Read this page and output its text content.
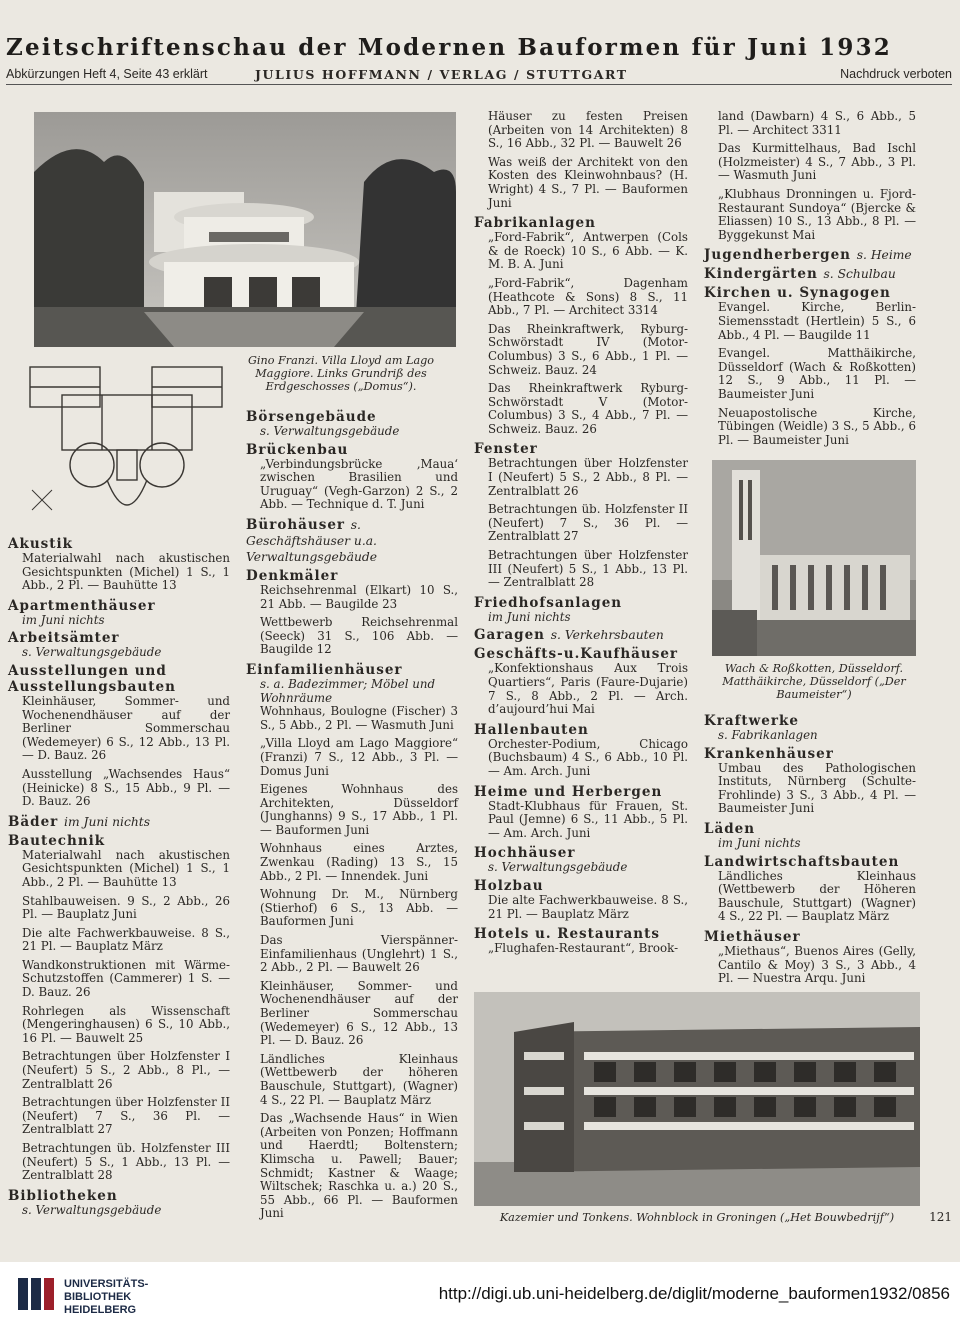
Zeitschriftenschau der Modernen Bauformen für Juni 1932
Abkürzungen Heft 4, Seite 43 erklärt	JULIUS HOFFMANN / VERLAG / STUTTGART	Nachdruck verboten
Gino Franzi. Villa Lloyd am Lago Maggiore. Links Grundriß des Erdgeschosses („Domus“).
Akustik
Materialwahl nach akustischen Gesichtspunkten (Michel) 1 S., 1 Abb., 2 Pl. — Bauhütte 13
Apartmenthäuser
im Juni nichts
Arbeitsämter
s. Verwaltungsgebäude
Ausstellungen und Ausstellungsbauten
Kleinhäuser, Sommer- und Wochenendhäuser auf der Berliner Sommerschau (Wedemeyer) 6 S., 12 Abb., 13 Pl. — D. Bauz. 26
Ausstellung „Wachsendes Haus“ (Heinicke) 8 S., 15 Abb., 9 Pl. — D. Bauz. 26
Bäder im Juni nichts
Bautechnik
Materialwahl nach akustischen Gesichtspunkten (Michel) 1 S., 1 Abb., 2 Pl. — Bauhütte 13
Stahlbauweisen. 9 S., 2 Abb., 26 Pl. — Bauplatz Juni
Die alte Fachwerkbauweise. 8 S., 21 Pl. — Bauplatz März
Wandkonstruktionen mit Wärme-Schutzstoffen (Cammerer) 1 S. — D. Bauz. 26
Rohrlegen als Wissenschaft (Mengeringhausen) 6 S., 10 Abb., 16 Pl. — Bauwelt 25
Betrachtungen über Holzfenster I (Neufert) 5 S., 2 Abb., 8 Pl., — Zentralblatt 26
Betrachtungen über Holzfenster II (Neufert) 7 S., 36 Pl. — Zentralblatt 27
Betrachtungen üb. Holzfenster III (Neufert) 5 S., 1 Abb., 13 Pl. — Zentralblatt 28
Bibliotheken
s. Verwaltungsgebäude
Börsengebäude
s. Verwaltungsgebäude
Brückenbau
„Verbindungsbrücke ‚Maua‘ zwischen Brasilien und Uruguay“ (Vegh-Garzon) 2 S., 2 Abb. — Technique d. T. Juni
Bürohäuser s. Geschäftshäuser u.a. Verwaltungsgebäude
Denkmäler
Reichsehrenmal (Elkart) 10 S., 21 Abb. — Baugilde 23
Wettbewerb Reichsehrenmal (Seeck) 31 S., 106 Abb. — Baugilde 12
Einfamilienhäuser
s. a. Badezimmer; Möbel und Wohnräume
Wohnhaus, Boulogne (Fischer) 3 S., 5 Abb., 2 Pl. — Wasmuth Juni
„Villa Lloyd am Lago Maggiore“ (Franzi) 7 S., 12 Abb., 3 Pl. — Domus Juni
Eigenes Wohnhaus des Architekten, Düsseldorf (Junghanns) 9 S., 17 Abb., 1 Pl. — Bauformen Juni
Wohnhaus eines Arztes, Zwenkau (Rading) 13 S., 15 Abb., 2 Pl. — Innendek. Juni
Wohnung Dr. M., Nürnberg (Stierhof) 6 S., 13 Abb. — Bauformen Juni
Das Vierspänner-Einfamilienhaus (Unglehrt) 1 S., 2 Abb., 2 Pl. — Bauwelt 26
Kleinhäuser, Sommer- und Wochenendhäuser auf der Berliner Sommerschau (Wedemeyer) 6 S., 12 Abb., 13 Pl. — D. Bauz. 26
Ländliches Kleinhaus (Wettbewerb der höheren Bauschule, Stuttgart), (Wagner) 4 S., 22 Pl. — Bauplatz März
Das „Wachsende Haus“ in Wien (Arbeiten von Ponzen; Hoffmann und Haerdtl; Boltenstern; Klimscha u. Pawell; Bauer; Schmidt; Kastner & Waage; Wiltschek; Raschka u. a.) 20 S., 55 Abb., 66 Pl. — Bauformen Juni
Häuser zu festen Preisen (Arbeiten von 14 Architekten) 8 S., 16 Abb., 32 Pl. — Bauwelt 26
Was weiß der Architekt von den Kosten des Kleinwohnbaus? (H. Wright) 4 S., 7 Pl. — Bauformen Juni
Fabrikanlagen
„Ford-Fabrik“, Antwerpen (Cols & de Roeck) 10 S., 6 Abb. — K. M. B. A. Juni
„Ford-Fabrik“, Dagenham (Heathcote & Sons) 8 S., 11 Abb., 7 Pl. — Architect 3314
Das Rheinkraftwerk, Ryburg-Schwörstadt IV (Motor-Columbus) 3 S., 6 Abb., 1 Pl. — Schweiz. Bauz. 24
Das Rheinkraftwerk Ryburg-Schwörstadt V (Motor-Columbus) 3 S., 4 Abb., 7 Pl. — Schweiz. Bauz. 26
Fenster
Betrachtungen über Holzfenster I (Neufert) 5 S., 2 Abb., 8 Pl. — Zentralblatt 26
Betrachtungen üb. Holzfenster II (Neufert) 7 S., 36 Pl. — Zentralblatt 27
Betrachtungen über Holzfenster III (Neufert) 5 S., 1 Abb., 13 Pl. — Zentralblatt 28
Friedhofsanlagen
im Juni nichts
Garagen s. Verkehrsbauten
Geschäfts-u.Kaufhäuser
„Konfektionshaus Aux Trois Quartiers“, Paris (Faure-Dujarie) 7 S., 8 Abb., 2 Pl. — Arch. d’aujourd’hui Mai
Hallenbauten
Orchester-Podium, Chicago (Buchsbaum) 4 S., 6 Abb., 10 Pl. — Am. Arch. Juni
Heime und Herbergen
Stadt-Klubhaus für Frauen, St. Paul (Jemne) 6 S., 11 Abb., 5 Pl. — Am. Arch. Juni
Hochhäuser
s. Verwaltungsgebäude
Holzbau
Die alte Fachwerkbauweise. 8 S., 21 Pl. — Bauplatz März
Hotels u. Restaurants
„Flughafen-Restaurant“, Brook-
land (Dawbarn) 4 S., 6 Abb., 5 Pl. — Architect 3311
Das Kurmittelhaus, Bad Ischl (Holzmeister) 4 S., 7 Abb., 3 Pl. — Wasmuth Juni
„Klubhaus Dronningen u. Fjord-Restaurant Sundoya“ (Bjercke & Eliassen) 10 S., 13 Abb., 8 Pl. — Byggekunst Mai
Jugendherbergen s. Heime
Kindergärten s. Schulbau
Kirchen u. Synagogen
Evangel. Kirche, Berlin-Siemensstadt (Hertlein) 5 S., 6 Abb., 4 Pl. — Baugilde 11
Evangel. Matthäikirche, Düsseldorf (Wach & Roßkotten) 12 S., 9 Abb., 11 Pl. — Baumeister Juni
Neuapostolische Kirche, Tübingen (Weidle) 3 S., 5 Abb., 6 Pl. — Baumeister Juni
Wach & Roßkotten, Düsseldorf. Matthäikirche, Düsseldorf („Der Baumeister“)
Kraftwerke
s. Fabrikanlagen
Krankenhäuser
Umbau des Pathologischen Instituts, Nürnberg (Schulte-Frohlinde) 3 S., 3 Abb., 4 Pl. — Baumeister Juni
Läden
im Juni nichts
Landwirtschaftsbauten
Ländliches Kleinhaus (Wettbewerb der Höheren Bauschule, Stuttgart) (Wagner) 4 S., 22 Pl. — Bauplatz März
Miethäuser
„Miethaus“, Buenos Aires (Gelly, Cantilo & Moy) 3 S., 3 Abb., 4 Pl. — Nuestra Arqu. Juni
Kazemier und Tonkens. Wohnblock in Groningen („Het Bouwbedrijf“)	121
UNIVERSITÄTS-
BIBLIOTHEK
HEIDELBERG
http://digi.ub.uni-heidelberg.de/diglit/moderne_bauformen1932/0856
